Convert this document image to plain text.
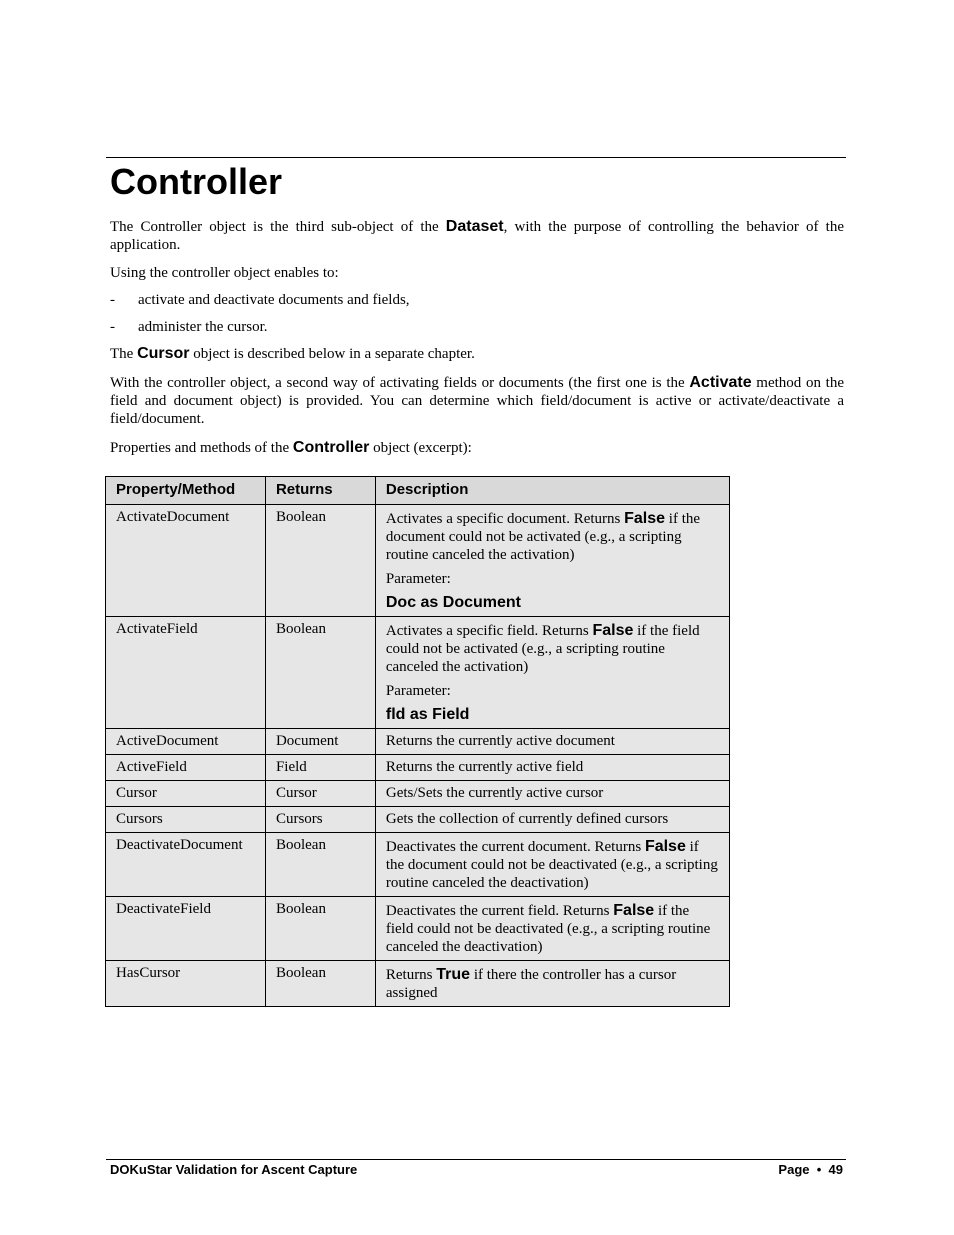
Controller

The Controller object is the third sub-object of the Dataset, with the purpose of controlling the behavior of the application.

Using the controller object enables to:

- activate and deactivate documents and fields,
- administer the cursor.

The Cursor object is described below in a separate chapter.

With the controller object, a second way of activating fields or documents (the first one is the Activate method on the field and document object) is provided. You can determine which field/document is active or activate/deactivate a field/document.

Properties and methods of the Controller object (excerpt):

Property/Method	Returns	Description
ActivateDocument	Boolean	Activates a specific document. Returns False if the document could not be activated (e.g., a scripting routine canceled the activation)

Parameter:

Doc as Document

ActivateField	Boolean	Activates a specific field. Returns False if the field could not be activated (e.g., a scripting routine canceled the activation)

Parameter:

fld as Field

ActiveDocument	Document	Returns the currently active document
ActiveField	Field	Returns the currently active field
Cursor	Cursor	Gets/Sets the currently active cursor
Cursors	Cursors	Gets the collection of currently defined cursors
DeactivateDocument	Boolean	Deactivates the current document. Returns False if the document could not be deactivated (e.g., a scripting routine canceled the deactivation)
DeactivateField	Boolean	Deactivates the current field. Returns False if the field could not be deactivated (e.g., a scripting routine canceled the deactivation)
HasCursor	Boolean	Returns True if there the controller has a cursor assigned
DOKuStar Validation for Ascent Capture	Page • 49
